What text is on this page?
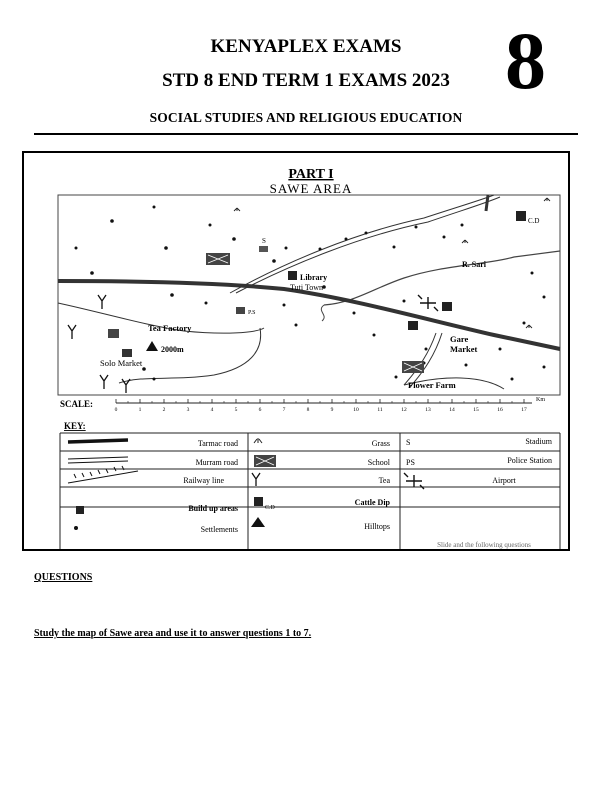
KENYAPLEX EXAMS
STD 8 END TERM 1 EXAMS 2023
SOCIAL STUDIES AND RELIGIOUS EDUCATION
8
PART I
SAWE AREA
C.D
S
Library
Tuti Town
R. Sari
P.S
Tea Factory
2000m
Solo Market
Gare
Market
Flower Farm
SCALE:
0	1	2	3	4	5	6	7	8	9	10	11	12	13	14	15	16	17
Km
KEY:
Tarmac road
Murram road
Railway line
Build up areas
Settlements
C.D
Grass
School
Tea
Cattle Dip
Hilltops
S
PS
Stadium
Police Station
Airport
Slide and the following questions
QUESTIONS
Study the map of Sawe area and use it to answer questions 1 to 7.
